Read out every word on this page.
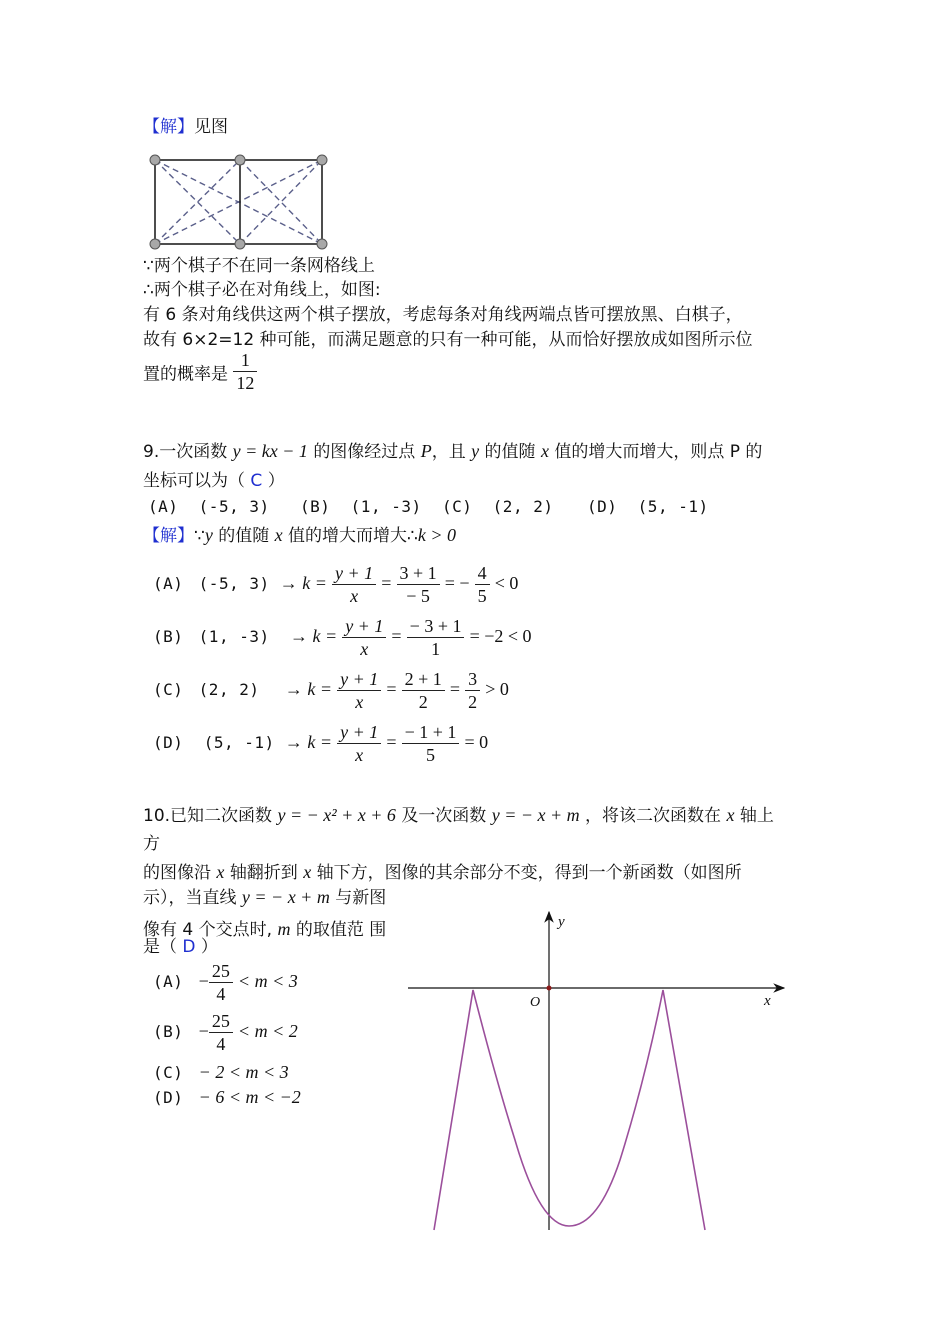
【解】见图
∵两个棋子不在同一条网格线上
∴两个棋子必在对角线上，如图:
有 6 条对角线供这两个棋子摆放，考虑每条对角线两端点皆可摆放黑、白棋子，
故有 6×2=12 种可能，而满足题意的只有一种可能，从而恰好摆放成如图所示位
置的概率是 $\frac{1}{12}$
9.一次函数 y = kx − 1 的图像经过点 P，且 y 的值随 x 值的增大而增大，则点 P 的
坐标可以为（ C ）
(A) (-5, 3) (B) (1, -3) (C) (2, 2) (D) (5, -1)
【解】∵y 的值随 x 值的增大而增大∴k > 0
(A) (-5, $3) \to k = \frac{y + 1}{x} = \frac{3 + 1}{- 5}$ = − $\frac{4}{5} < 0$
(B) (1, $-3) \to k = \frac{y + 1}{x} = \frac{- 3 + 1}{1} = -2 < 0$
(C) (2, $2) \to k = \frac{y + 1}{x} = \frac{2 + 1}{2} = \frac{3}{2} > 0$
(D) (5, $-1) \to k = \frac{y + 1}{x} = \frac{- 1 + 1}{5} = 0$
10.已知二次函数 y = − x² + x + 6 及一次函数 y = − x + m ，将该二次函数在 x 轴上
方
的图像沿 x 轴翻折到 x 轴下方，图像的其余部分不变，得到一个新函数（如图所
示），当直线 y = − x + m 与新图
像有 4 个交点时, m 的取值范 围
是（ D ）
$(A) - \frac{25}{4} < m < 3$
$(B) - \frac{25}{4} < m < 2$
(C) − 2 < m < 3
(D) − 6 < m < −2
y
x
O
